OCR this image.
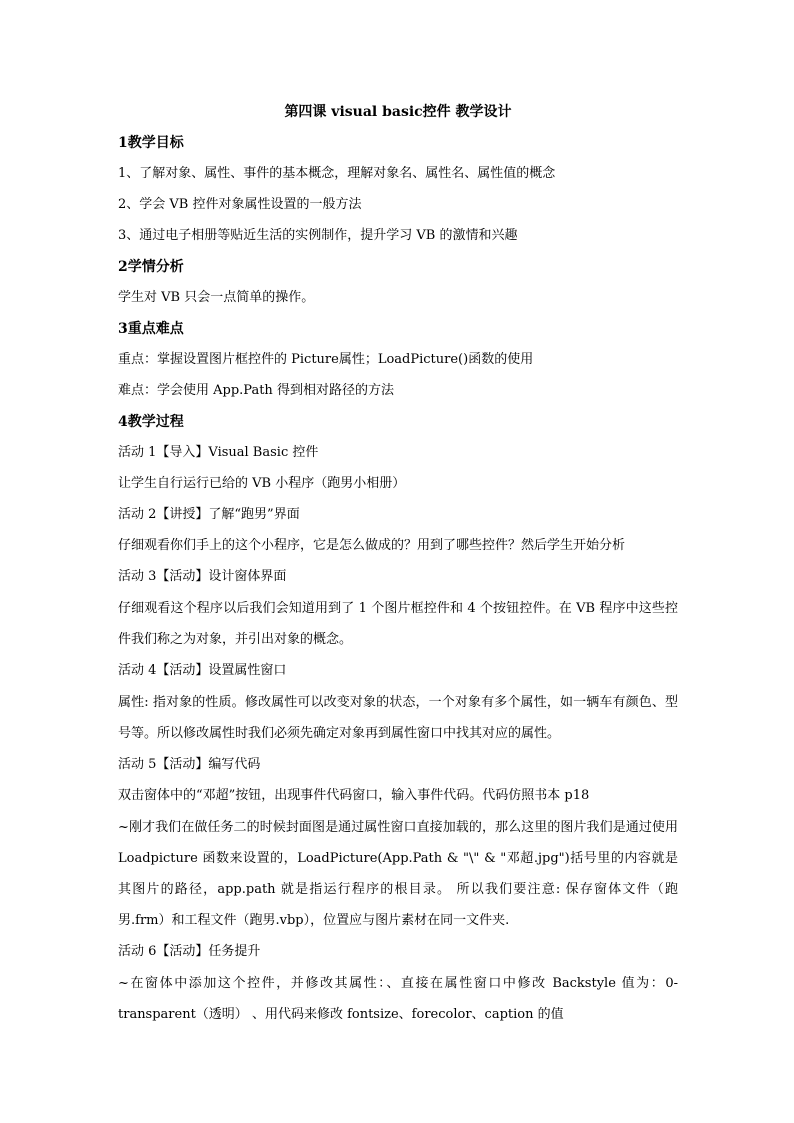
第四课 visual basic控件 教学设计
1教学目标
1、了解对象、属性、事件的基本概念，理解对象名、属性名、属性值的概念
2、学会 VB 控件对象属性设置的一般方法
3、通过电子相册等贴近生活的实例制作，提升学习 VB 的激情和兴趣
2学情分析
学生对 VB 只会一点简单的操作。
3重点难点
重点：掌握设置图片框控件的 Picture属性；LoadPicture()函数的使用
难点：学会使用 App.Path 得到相对路径的方法
4教学过程
活动 1【导入】Visual Basic 控件
让学生自行运行已给的 VB 小程序（跑男小相册）
活动 2【讲授】了解“跑男”界面
仔细观看你们手上的这个小程序，它是怎么做成的？用到了哪些控件？然后学生开始分析
活动 3【活动】设计窗体界面
仔细观看这个程序以后我们会知道用到了 1 个图片框控件和 4 个按钮控件。在 VB 程序中这些控件我们称之为对象，并引出对象的概念。
活动 4【活动】设置属性窗口
属性: 指对象的性质。修改属性可以改变对象的状态，一个对象有多个属性，如一辆车有颜色、型号等。所以修改属性时我们必须先确定对象再到属性窗口中找其对应的属性。
活动 5【活动】编写代码
双击窗体中的“邓超”按钮，出现事件代码窗口，输入事件代码。代码仿照书本 p18
~刚才我们在做任务二的时候封面图是通过属性窗口直接加载的，那么这里的图片我们是通过使用 Loadpicture 函数来设置的，LoadPicture(App.Path & "\" & "邓超.jpg")括号里的内容就是其图片的路径，app.path 就是指运行程序的根目录。 所以我们要注意: 保存窗体文件（跑男.frm）和工程文件（跑男.vbp），位置应与图片素材在同一文件夹.
活动 6【活动】任务提升
~在窗体中添加这个控件，并修改其属性：、直接在属性窗口中修改 Backstyle 值为：0-transparent（透明） 、用代码来修改 fontsize、forecolor、caption 的值
